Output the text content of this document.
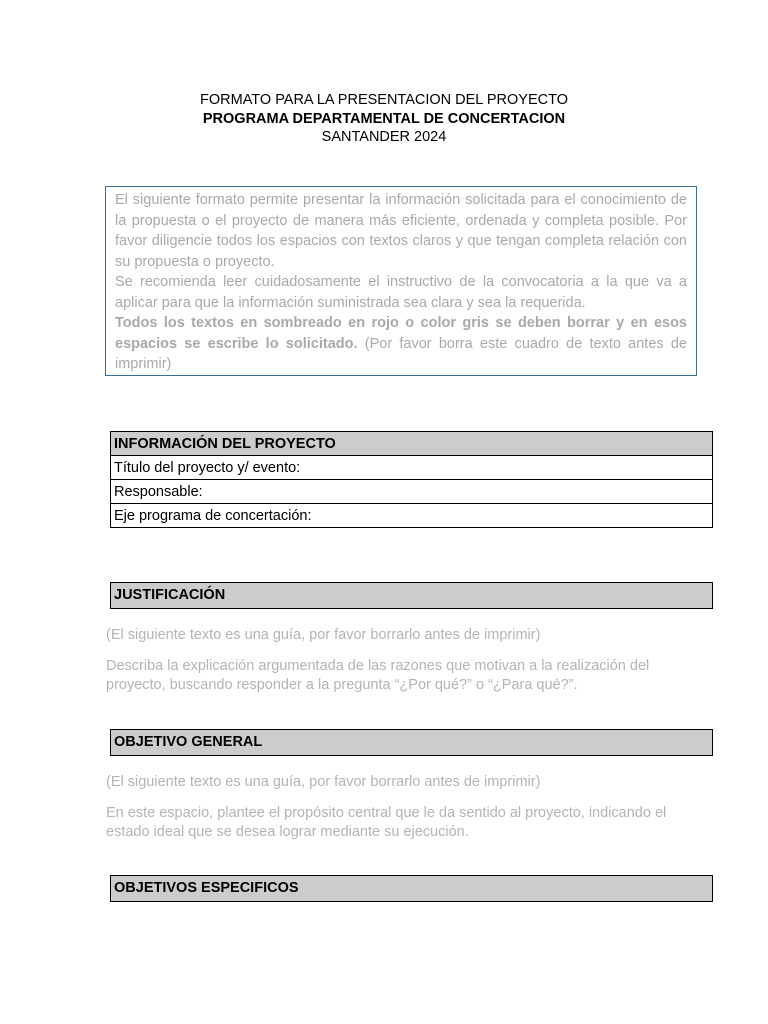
FORMATO PARA LA PRESENTACION DEL PROYECTO
PROGRAMA DEPARTAMENTAL DE CONCERTACION
SANTANDER 2024

El siguiente formato permite presentar la información solicitada para el conocimiento de la propuesta o el proyecto de manera más eficiente, ordenada y completa posible. Por favor diligencie todos los espacios con textos claros y que tengan completa relación con su propuesta o proyecto.

Se recomienda leer cuidadosamente el instructivo de la convocatoria a la que va a aplicar para que la información suministrada sea clara y sea la requerida.

Todos los textos en sombreado en rojo o color gris se deben borrar y en esos espacios se escribe lo solicitado. (Por favor borra este cuadro de texto antes de imprimir)

INFORMACIÓN DEL PROYECTO
Título del proyecto y/ evento:
Responsable:
Eje programa de concertación:
JUSTIFICACIÓN

(El siguiente texto es una guía, por favor borrarlo antes de imprimir)

Describa la explicación argumentada de las razones que motivan a la realización del proyecto, buscando responder a la pregunta “¿Por qué?” o “¿Para qué?”.

OBJETIVO GENERAL

(El siguiente texto es una guía, por favor borrarlo antes de imprimir)

En este espacio, plantee el propósito central que le da sentido al proyecto, indicando el estado ideal que se desea lograr mediante su ejecución.

OBJETIVOS ESPECIFICOS
